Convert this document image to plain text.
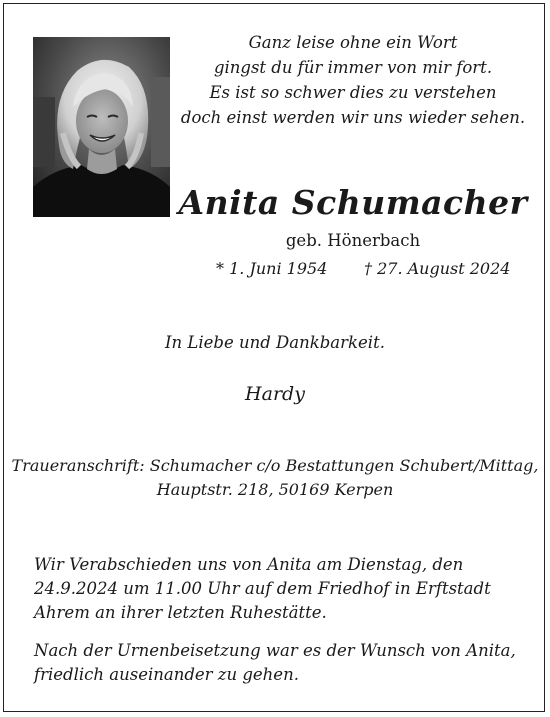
Ganz leise ohne ein Wort
gingst du für immer von mir fort.
Es ist so schwer dies zu verstehen
doch einst werden wir uns wieder sehen.
Anita Schumacher
geb. Hönerbach
* 1. Juni 1954 † 27. August 2024
In Liebe und Dankbarkeit.
Hardy
Traueranschrift: Schumacher c/o Bestattungen Schubert/Mittag,
Hauptstr. 218, 50169 Kerpen
Wir Verabschieden uns von Anita am Dienstag, den
24.9.2024 um 11.00 Uhr auf dem Friedhof in Erftstadt
Ahrem an ihrer letzten Ruhestätte.
Nach der Urnenbeisetzung war es der Wunsch von Anita,
friedlich auseinander zu gehen.
